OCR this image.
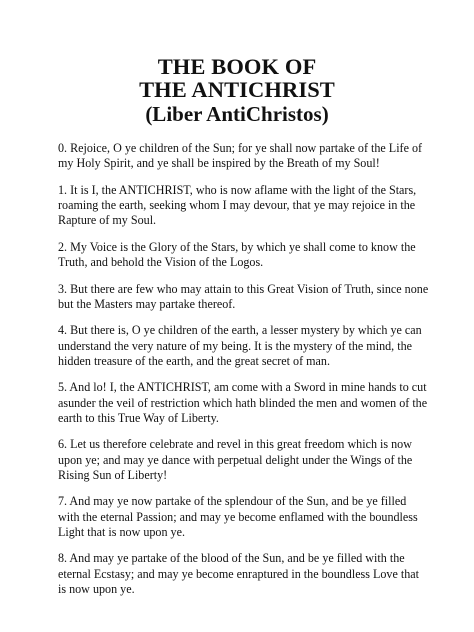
THE BOOK OF
THE ANTICHRIST
(Liber AntiChristos)

0. Rejoice, O ye children of the Sun; for ye shall now partake of the Life of my Holy Spirit, and ye shall be inspired by the Breath of my Soul!

1. It is I, the ANTICHRIST, who is now aflame with the light of the Stars, roaming the earth, seeking whom I may devour, that ye may rejoice in the Rapture of my Soul.

2. My Voice is the Glory of the Stars, by which ye shall come to know the Truth, and behold the Vision of the Logos.

3. But there are few who may attain to this Great Vision of Truth, since none but the Masters may partake thereof.

4. But there is, O ye children of the earth, a lesser mystery by which ye can understand the very nature of my being. It is the mystery of the mind, the hidden treasure of the earth, and the great secret of man.

5. And lo! I, the ANTICHRIST, am come with a Sword in mine hands to cut asunder the veil of restriction which hath blinded the men and women of the earth to this True Way of Liberty.

6. Let us therefore celebrate and revel in this great freedom which is now upon ye; and may ye dance with perpetual delight under the Wings of the Rising Sun of Liberty!

7. And may ye now partake of the splendour of the Sun, and be ye filled with the eternal Passion; and may ye become enflamed with the boundless Light that is now upon ye.

8. And may ye partake of the blood of the Sun, and be ye filled with the eternal Ecstasy; and may ye become enraptured in the boundless Love that is now upon ye.
